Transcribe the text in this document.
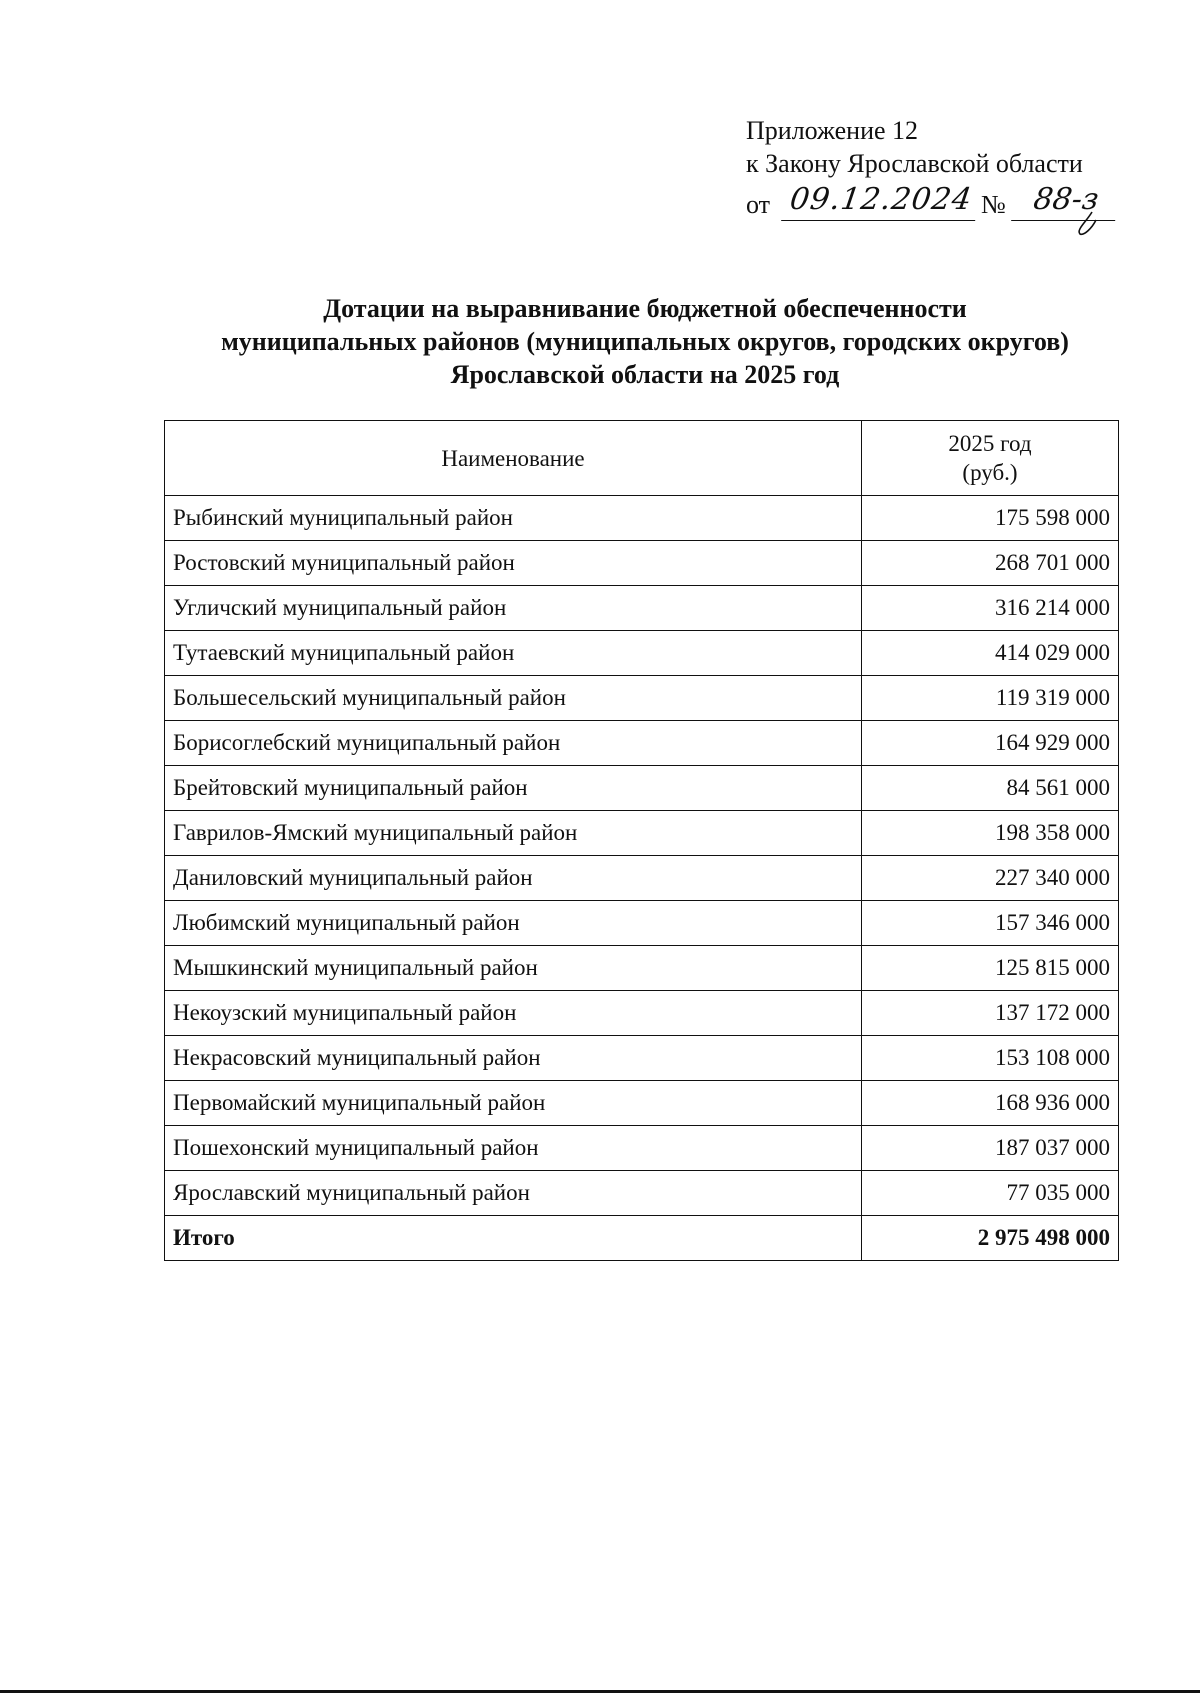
Приложение 12
к Закону Ярославской области
от 09.12.2024 № 88-з
Дотации на выравнивание бюджетной обеспеченности
муниципальных районов (муниципальных округов, городских округов)
Ярославской области на 2025 год
Наименование	2025 год
(руб.)

Рыбинский муниципальный район	175 598 000
Ростовский муниципальный район	268 701 000
Угличский муниципальный район	316 214 000
Тутаевский муниципальный район	414 029 000
Большесельский муниципальный район	119 319 000
Борисоглебский муниципальный район	164 929 000
Брейтовский муниципальный район	84 561 000
Гаврилов-Ямский муниципальный район	198 358 000
Даниловский муниципальный район	227 340 000
Любимский муниципальный район	157 346 000
Мышкинский муниципальный район	125 815 000
Некоузский муниципальный район	137 172 000
Некрасовский муниципальный район	153 108 000
Первомайский муниципальный район	168 936 000
Пошехонский муниципальный район	187 037 000
Ярославский муниципальный район	77 035 000
Итого	2 975 498 000
